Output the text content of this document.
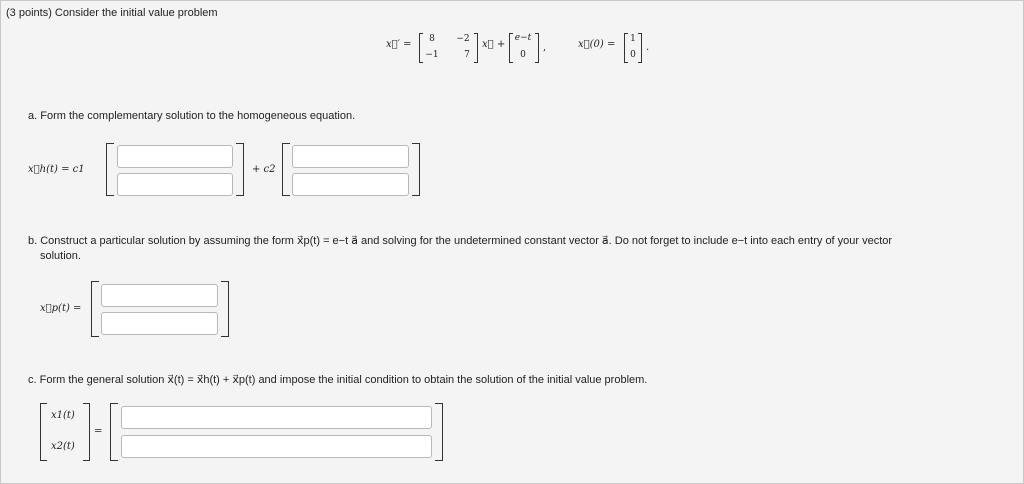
(3 points) Consider the initial value problem
x⃗′ =	8	−2
−1	7
x⃗ +
e−t
0
,	x⃗(0) =	1
0
.
a. Form the complementary solution to the homogeneous equation.
x⃗h(t) = c1	+ c2
b. Construct a particular solution by assuming the form x⃗p(t) = e−t a⃗ and solving for the undetermined constant vector a⃗. Do not forget to include e−t into each entry of your vector
solution.
x⃗p(t) =
c. Form the general solution x⃗(t) = x⃗h(t) + x⃗p(t) and impose the initial condition to obtain the solution of the initial value problem.
x1(t)
x2(t)
=
